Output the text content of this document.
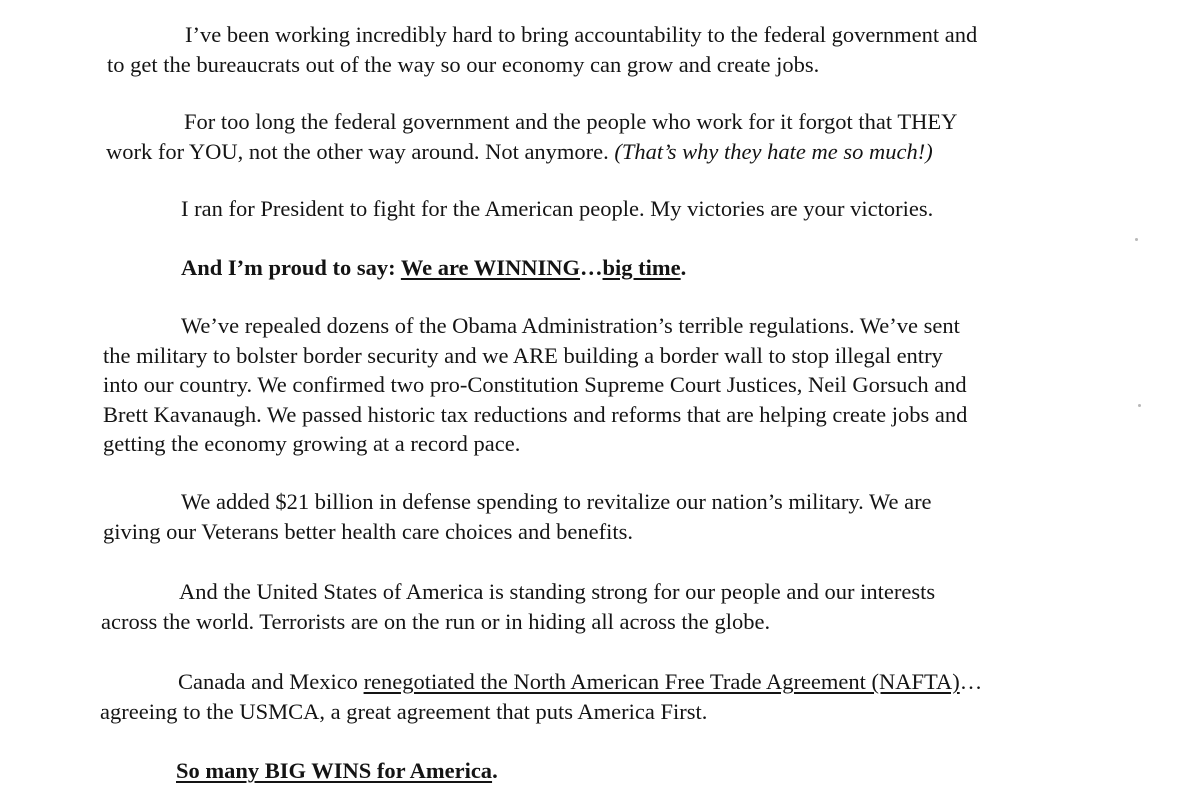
I’ve been working incredibly hard to bring accountability to the federal government and
to get the bureaucrats out of the way so our economy can grow and create jobs.
For too long the federal government and the people who work for it forgot that THEY
work for YOU, not the other way around. Not anymore. (That’s why they hate me so much!)
I ran for President to fight for the American people. My victories are your victories.
And I’m proud to say: We are WINNING…big time.
We’ve repealed dozens of the Obama Administration’s terrible regulations. We’ve sent
the military to bolster border security and we ARE building a border wall to stop illegal entry
into our country. We confirmed two pro-Constitution Supreme Court Justices, Neil Gorsuch and
Brett Kavanaugh. We passed historic tax reductions and reforms that are helping create jobs and
getting the economy growing at a record pace.
We added $21 billion in defense spending to revitalize our nation’s military. We are
giving our Veterans better health care choices and benefits.
And the United States of America is standing strong for our people and our interests
across the world. Terrorists are on the run or in hiding all across the globe.
Canada and Mexico renegotiated the North American Free Trade Agreement (NAFTA)…
agreeing to the USMCA, a great agreement that puts America First.
So many BIG WINS for America.
